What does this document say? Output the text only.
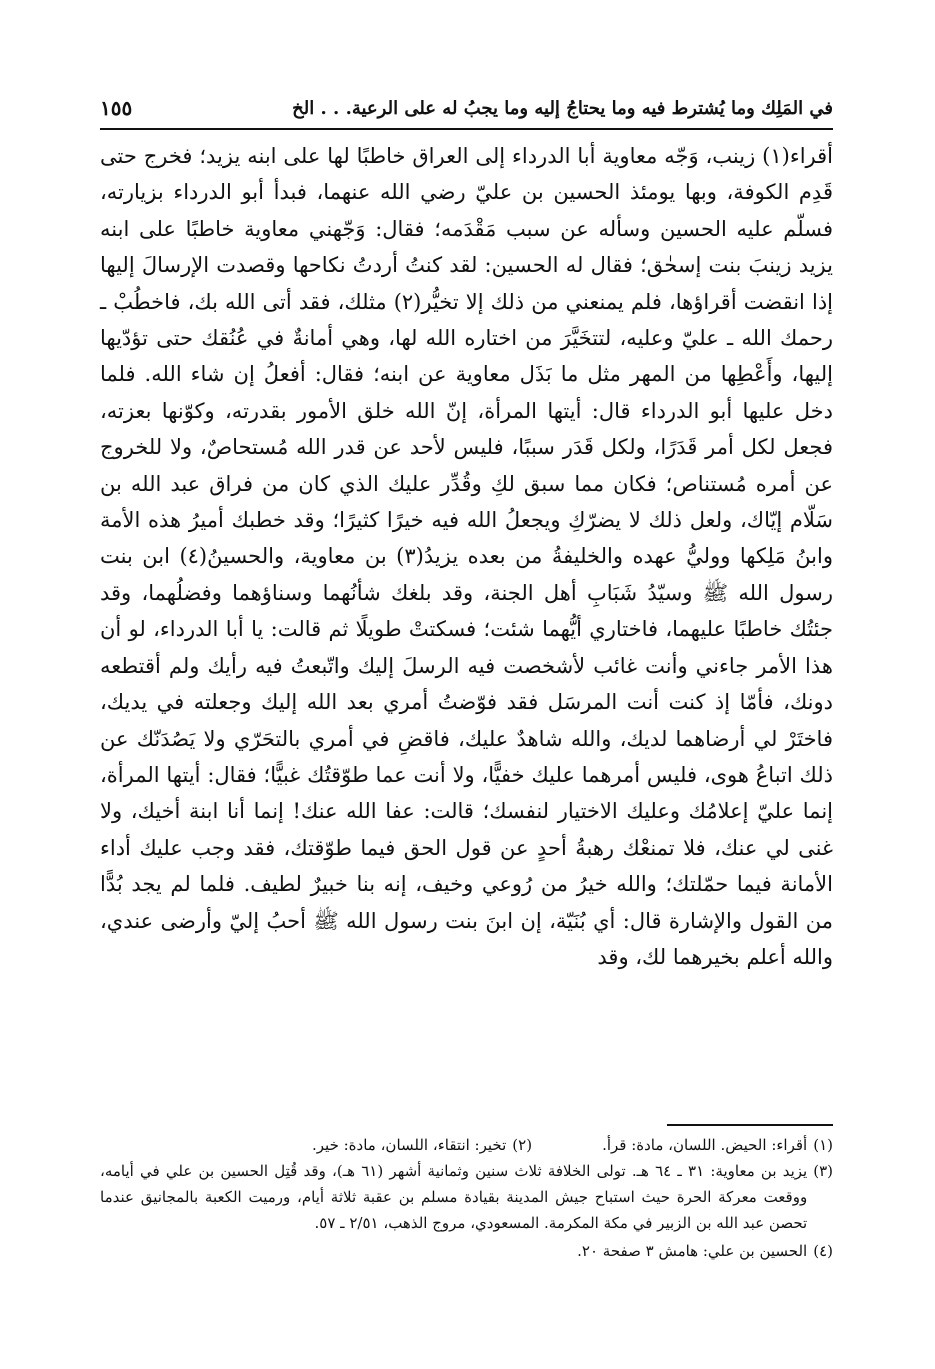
في المَلِك وما يُشترط فيه وما يحتاجُ إليه وما يجبُ له على الرعية. . . الخ
١٥٥

أقراء(١) زينب، وَجّه معاوية أبا الدرداء إلى العراق خاطبًا لها على ابنه يزيد؛ فخرج حتى قَدِم الكوفة، وبها يومئذ الحسين بن عليّ رضي الله عنهما، فبدأ أبو الدرداء بزيارته، فسلّم عليه الحسين وسأله عن سبب مَقْدَمه؛ فقال: وَجّهني معاوية خاطبًا على ابنه يزيد زينبَ بنت إسحٰق؛ فقال له الحسين: لقد كنتُ أردتُ نكاحها وقصدت الإرسالَ إليها إذا انقضت أقراؤها، فلم يمنعني من ذلك إلا تخيُّر(٢) مثلك، فقد أتى الله بك، فاخطُبْ ـ رحمك الله ـ عليّ وعليه، لتتخَيَّرَ من اختاره الله لها، وهي أمانةٌ في عُنُقك حتى تؤدّيها إليها، وأَعْطِها من المهر مثل ما بَذَل معاوية عن ابنه؛ فقال: أفعلُ إن شاء الله. فلما دخل عليها أبو الدرداء قال: أيتها المرأة، إنّ الله خلق الأمور بقدرته، وكوّنها بعزته، فجعل لكل أمر قَدَرًا، ولكل قَدَر سببًا، فليس لأحد عن قدر الله مُستحاصٌ، ولا للخروج عن أمره مُستناص؛ فكان مما سبق لكِ وقُدِّر عليك الذي كان من فراق عبد الله بن سَلّام إيّاك، ولعل ذلك لا يضرّكِ ويجعلُ الله فيه خيرًا كثيرًا؛ وقد خطبك أميرُ هذه الأمة وابنُ مَلِكها ووليُّ عهده والخليفةُ من بعده يزيدُ(٣) بن معاوية، والحسينُ(٤) ابن بنت رسول الله ﷺ وسيّدُ شَبَابِ أهل الجنة، وقد بلغك شأنُهما وسناؤهما وفضلُهما، وقد جئتُك خاطبًا عليهما، فاختاري أيُّهما شئت؛ فسكتتْ طويلًا ثم قالت: يا أبا الدرداء، لو أن هذا الأمر جاءني وأنت غائب لأشخصت فيه الرسلَ إليك واتّبعتُ فيه رأيك ولم أقتطعه دونك، فأمّا إذ كنت أنت المرسَل فقد فوّضتُ أمري بعد الله إليك وجعلته في يديك، فاختَرْ لي أرضاهما لديك، والله شاهدٌ عليك، فاقضِ في أمري بالتحَرّي ولا يَصُدَنّك عن ذلك اتباعُ هوى، فليس أمرهما عليك خفيًّا، ولا أنت عما طوّقتُك غبيًّا؛ فقال: أيتها المرأة، إنما عليّ إعلامُك وعليك الاختيار لنفسك؛ قالت: عفا الله عنك! إنما أنا ابنة أخيك، ولا غنى لي عنك، فلا تمنعْك رهبةُ أحدٍ عن قول الحق فيما طوّقتك، فقد وجب عليك أداء الأمانة فيما حمّلتك؛ والله خيرُ من رُوعي وخيف، إنه بنا خبيرٌ لطيف. فلما لم يجد بُدًّا من القول والإشارة قال: أي بُنَيّة، إن ابنَ بنت رسول الله ﷺ أحبُ إليّ وأرضى عندي، والله أعلم بخيرهما لك، وقد

(١)
أقراء: الحيض. اللسان، مادة: قرأ.
(٢)
تخير: انتقاء، اللسان، مادة: خير.
(٣)
يزيد بن معاوية: ٣١ ـ ٦٤ هـ. تولى الخلافة ثلاث سنين وثمانية أشهر (٦١ هـ)، وقد قُتِل الحسين بن علي في أيامه، ووقعت معركة الحرة حيث استباح جيش المدينة بقيادة مسلم بن عقبة ثلاثة أيام، ورميت الكعبة بالمجانيق عندما تحصن عبد الله بن الزبير في مكة المكرمة. المسعودي، مروج الذهب، ٢/٥١ ـ ٥٧.
(٤)
الحسين بن علي: هامش ٣ صفحة ٢٠.
